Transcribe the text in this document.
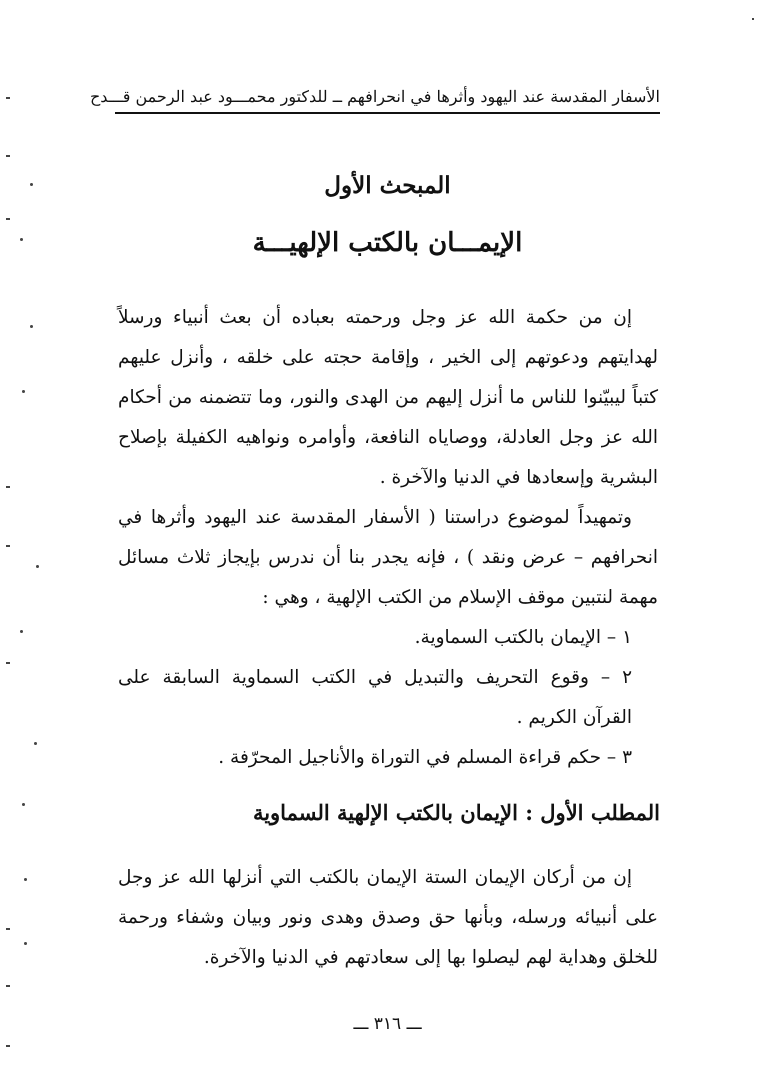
الأسفار المقدسة عند اليهود وأثرها في انحرافهم ــ للدكتور محمـــود عبد الرحمن قـــدح
المبحث الأول
الإيمـــان بالكتب الإلهيـــة

إن من حكمة الله عز وجل ورحمته بعباده أن بعث أنبياء ورسلاً لهدايتهم ودعوتهم إلى الخير ، وإقامة حجته على خلقه ، وأنزل عليهم كتباً ليبيّنوا للناس ما أنزل إليهم من الهدى والنور، وما تتضمنه من أحكام الله عز وجل العادلة، ووصاياه النافعة، وأوامره ونواهيه الكفيلة بإصلاح البشرية وإسعادها في الدنيا والآخرة .

وتمهيداً لموضوع دراستنا ( الأسفار المقدسة عند اليهود وأثرها في انحرافهم – عرض ونقد ) ، فإنه يجدر بنا أن ندرس بإيجاز ثلاث مسائل مهمة لنتبين موقف الإسلام من الكتب الإلهية ، وهي :

١ – الإيمان بالكتب السماوية.

٢ – وقوع التحريف والتبديل في الكتب السماوية السابقة على القرآن الكريم .

٣ – حكم قراءة المسلم في التوراة والأناجيل المحرّفة .

المطلب الأول : الإيمان بالكتب الإلهية السماوية

إن من أركان الإيمان الستة الإيمان بالكتب التي أنزلها الله عز وجل على أنبيائه ورسله، وبأنها حق وصدق وهدى ونور وبيان وشفاء ورحمة للخلق وهداية لهم ليصلوا بها إلى سعادتهم في الدنيا والآخرة.

ـــ ٣١٦ ـــ
